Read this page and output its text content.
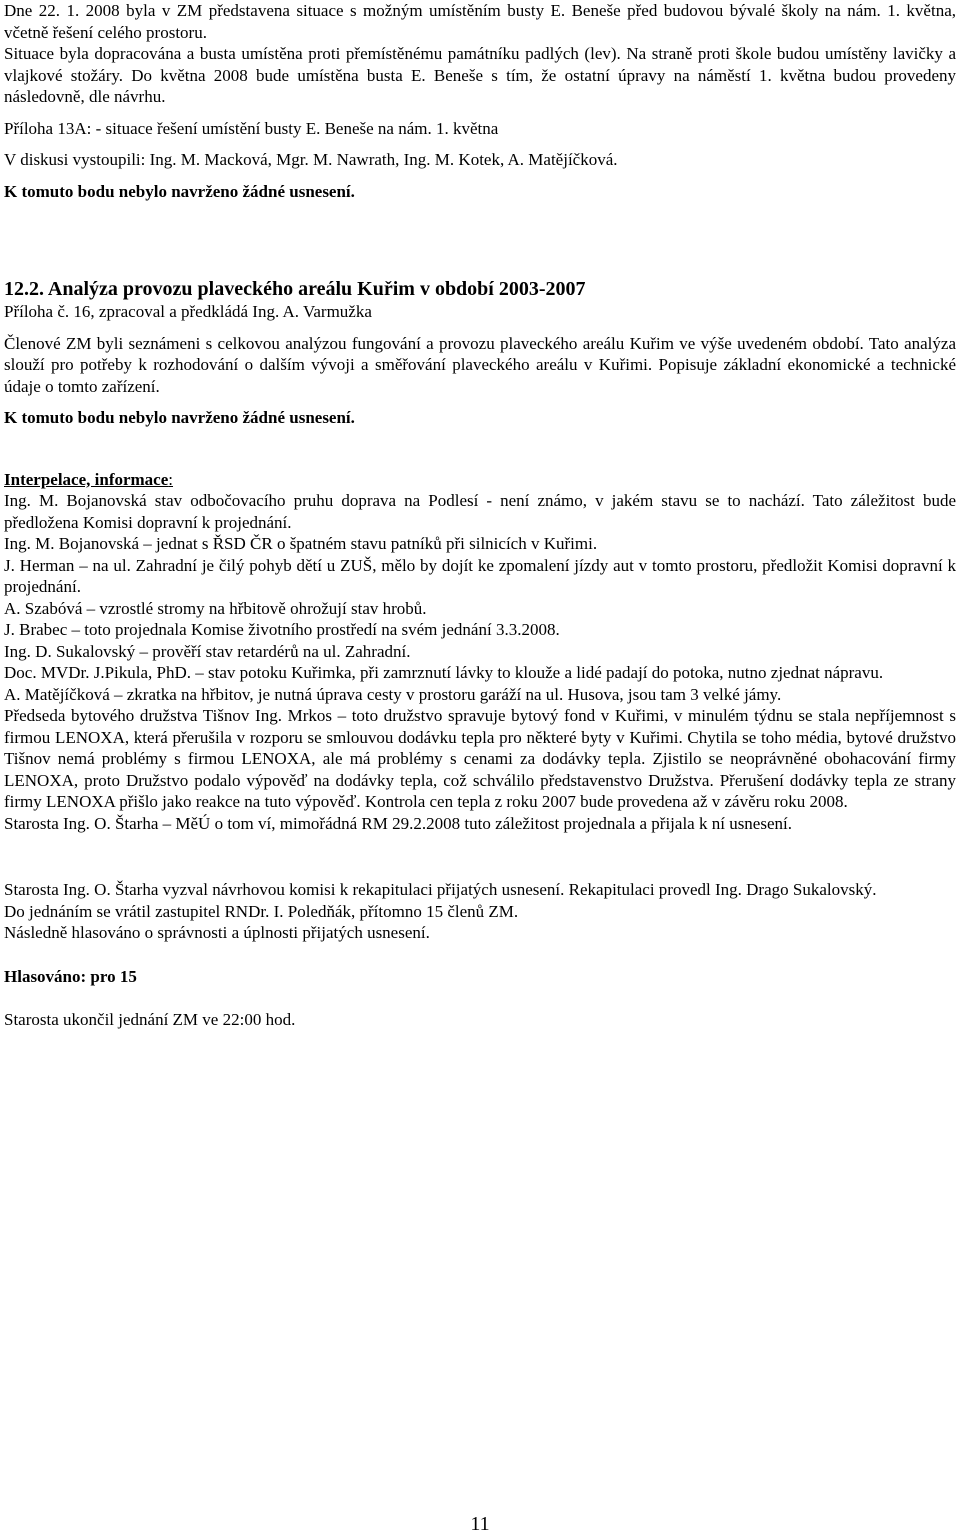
Dne 22. 1. 2008 byla v ZM představena situace s možným umístěním busty E. Beneše před budovou bývalé školy na nám. 1. května, včetně řešení celého prostoru.

Situace byla dopracována a busta umístěna proti přemístěnému památníku padlých (lev). Na straně proti škole budou umístěny lavičky a vlajkové stožáry. Do května 2008 bude umístěna busta E. Beneše s tím, že ostatní úpravy na náměstí 1. května budou provedeny následovně, dle návrhu.

Příloha 13A: - situace řešení umístění busty E. Beneše na nám. 1. května

V diskusi vystoupili: Ing. M. Macková, Mgr. M. Nawrath, Ing. M. Kotek, A. Matějíčková.

K tomuto bodu nebylo navrženo žádné usnesení.

12.2. Analýza provozu plaveckého areálu Kuřim v období 2003-2007

Příloha č. 16, zpracoval a předkládá Ing. A. Varmužka

Členové ZM byli seznámeni s celkovou analýzou fungování a provozu plaveckého areálu Kuřim ve výše uvedeném období. Tato analýza slouží pro potřeby k rozhodování o dalším vývoji a směřování plaveckého areálu v Kuřimi. Popisuje základní ekonomické a technické údaje o tomto zařízení.

K tomuto bodu nebylo navrženo žádné usnesení.

Interpelace, informace:

Ing. M. Bojanovská stav odbočovacího pruhu doprava na Podlesí - není známo, v jakém stavu se to nachází. Tato záležitost bude předložena Komisi dopravní k projednání.

Ing. M. Bojanovská – jednat s ŘSD ČR o špatném stavu patníků při silnicích v Kuřimi.

J. Herman – na ul. Zahradní je čilý pohyb dětí u ZUŠ, mělo by dojít ke zpomalení jízdy aut v tomto prostoru, předložit Komisi dopravní k projednání.

A. Szabóvá – vzrostlé stromy na hřbitově ohrožují stav hrobů.

J. Brabec – toto projednala Komise životního prostředí na svém jednání 3.3.2008.

Ing. D. Sukalovský – prověří stav retardérů na ul. Zahradní.

Doc. MVDr. J.Pikula, PhD. – stav potoku Kuřimka, při zamrznutí lávky to klouže a lidé padají do potoka, nutno zjednat nápravu.

A. Matějíčková – zkratka na hřbitov, je nutná úprava cesty v prostoru garáží na ul. Husova, jsou tam 3 velké jámy.

Předseda bytového družstva Tišnov Ing. Mrkos – toto družstvo spravuje bytový fond v Kuřimi, v minulém týdnu se stala nepříjemnost s firmou LENOXA, která přerušila v rozporu se smlouvou dodávku tepla pro některé byty v Kuřimi. Chytila se toho média, bytové družstvo Tišnov nemá problémy s firmou LENOXA, ale má problémy s cenami za dodávky tepla. Zjistilo se neoprávněné obohacování firmy LENOXA, proto Družstvo podalo výpověď na dodávky tepla, což schválilo představenstvo Družstva. Přerušení dodávky tepla ze strany firmy LENOXA přišlo jako reakce na tuto výpověď. Kontrola cen tepla z roku 2007 bude provedena až v závěru roku 2008.

Starosta Ing. O. Štarha – MěÚ o tom ví, mimořádná RM 29.2.2008 tuto záležitost projednala a přijala k ní usnesení.

Starosta Ing. O. Štarha vyzval návrhovou komisi k rekapitulaci přijatých usnesení. Rekapitulaci provedl Ing. Drago Sukalovský.

Do jednáním se vrátil zastupitel RNDr. I. Poledňák, přítomno 15 členů ZM.

Následně hlasováno o správnosti a úplnosti přijatých usnesení.

Hlasováno: pro 15

Starosta ukončil jednání ZM ve 22:00 hod.

11
